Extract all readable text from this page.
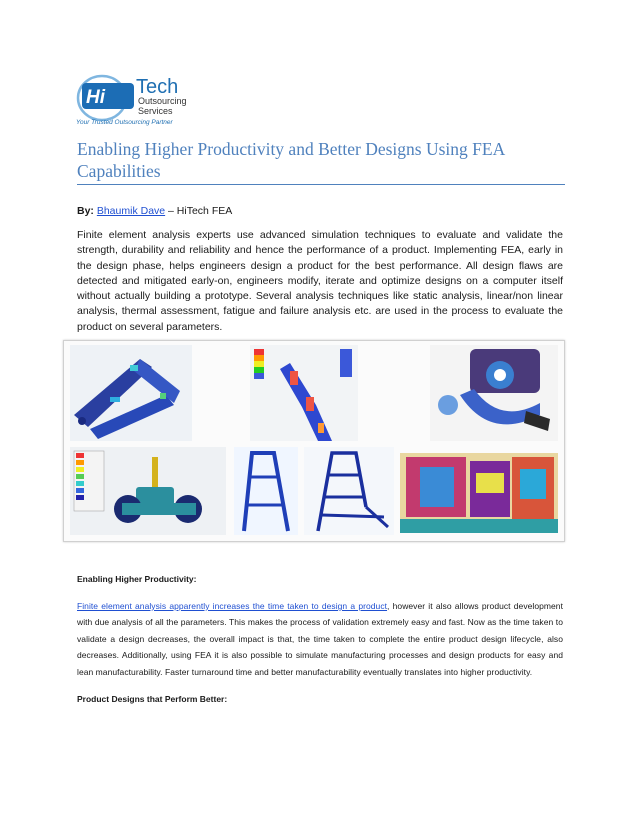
Hi Tech
Outsourcing
Services
Your Trusted Outsourcing Partner
Enabling Higher Productivity and Better Designs Using FEA Capabilities
By: Bhaumik Dave – HiTech FEA

Finite element analysis experts use advanced simulation techniques to evaluate and validate the strength, durability and reliability and hence the performance of a product. Implementing FEA, early in the design phase, helps engineers design a product for the best performance. All design flaws are detected and mitigated early-on, engineers modify, iterate and optimize designs on a computer itself without actually building a prototype. Several analysis techniques like static analysis, linear/non linear analysis, thermal assessment, fatigue and failure analysis etc. are used in the process to evaluate the product on several parameters.

Enabling Higher Productivity:

Finite element analysis apparently increases the time taken to design a product, however it also allows product development with due analysis of all the parameters. This makes the process of validation extremely easy and fast. Now as the time taken to validate a design decreases, the overall impact is that, the time taken to complete the entire product design lifecycle, also decreases. Additionally, using FEA it is also possible to simulate manufacturing processes and design products for easy and lean manufacturability. Faster turnaround time and better manufacturability eventually translates into higher productivity.

Product Designs that Perform Better:
